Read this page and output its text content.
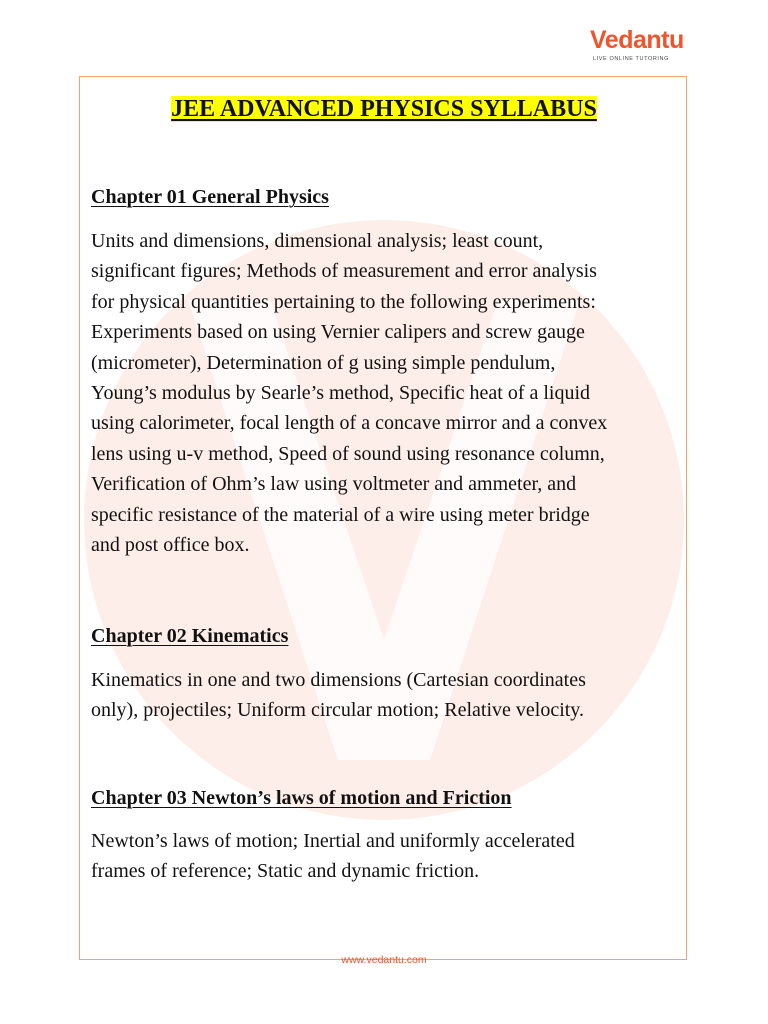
Vedantu
LIVE ONLINE TUTORING
JEE ADVANCED PHYSICS SYLLABUS
Chapter 01 General Physics
Units and dimensions, dimensional analysis; least count,
significant figures; Methods of measurement and error analysis
for physical quantities pertaining to the following experiments:
Experiments based on using Vernier calipers and screw gauge
(micrometer), Determination of g using simple pendulum,
Young’s modulus by Searle’s method, Specific heat of a liquid
using calorimeter, focal length of a concave mirror and a convex
lens using u-v method, Speed of sound using resonance column,
Verification of Ohm’s law using voltmeter and ammeter, and
specific resistance of the material of a wire using meter bridge
and post office box.
Chapter 02 Kinematics
Kinematics in one and two dimensions (Cartesian coordinates
only), projectiles; Uniform circular motion; Relative velocity.
Chapter 03 Newton’s laws of motion and Friction
Newton’s laws of motion; Inertial and uniformly accelerated
frames of reference; Static and dynamic friction.
www.vedantu.com
